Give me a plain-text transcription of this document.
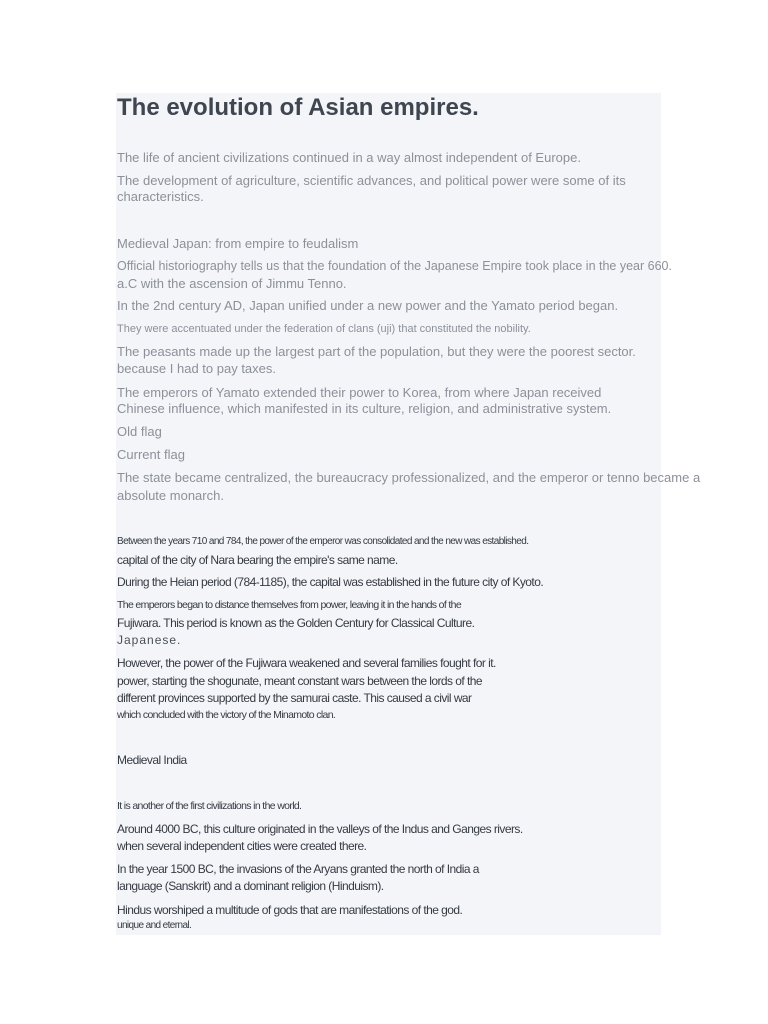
The evolution of Asian empires.

The life of ancient civilizations continued in a way almost independent of Europe.

The development of agriculture, scientific advances, and political power were some of its

characteristics.

Medieval Japan: from empire to feudalism

Official historiography tells us that the foundation of the Japanese Empire took place in the year 660.

a.C with the ascension of Jimmu Tenno.

In the 2nd century AD, Japan unified under a new power and the Yamato period began.

They were accentuated under the federation of clans (uji) that constituted the nobility.

The peasants made up the largest part of the population, but they were the poorest sector.

because I had to pay taxes.

The emperors of Yamato extended their power to Korea, from where Japan received

Chinese influence, which manifested in its culture, religion, and administrative system.

Old flag

Current flag

The state became centralized, the bureaucracy professionalized, and the emperor or tenno became a

absolute monarch.

Between the years 710 and 784, the power of the emperor was consolidated and the new was established.

capital of the city of Nara bearing the empire's same name.

During the Heian period (784-1185), the capital was established in the future city of Kyoto.

The emperors began to distance themselves from power, leaving it in the hands of the

Fujiwara. This period is known as the Golden Century for Classical Culture.

Japanese.

However, the power of the Fujiwara weakened and several families fought for it.

power, starting the shogunate, meant constant wars between the lords of the

different provinces supported by the samurai caste. This caused a civil war

which concluded with the victory of the Minamoto clan.

Medieval India

It is another of the first civilizations in the world.

Around 4000 BC, this culture originated in the valleys of the Indus and Ganges rivers.

when several independent cities were created there.

In the year 1500 BC, the invasions of the Aryans granted the north of India a

language (Sanskrit) and a dominant religion (Hinduism).

Hindus worshiped a multitude of gods that are manifestations of the god.

unique and eternal.
